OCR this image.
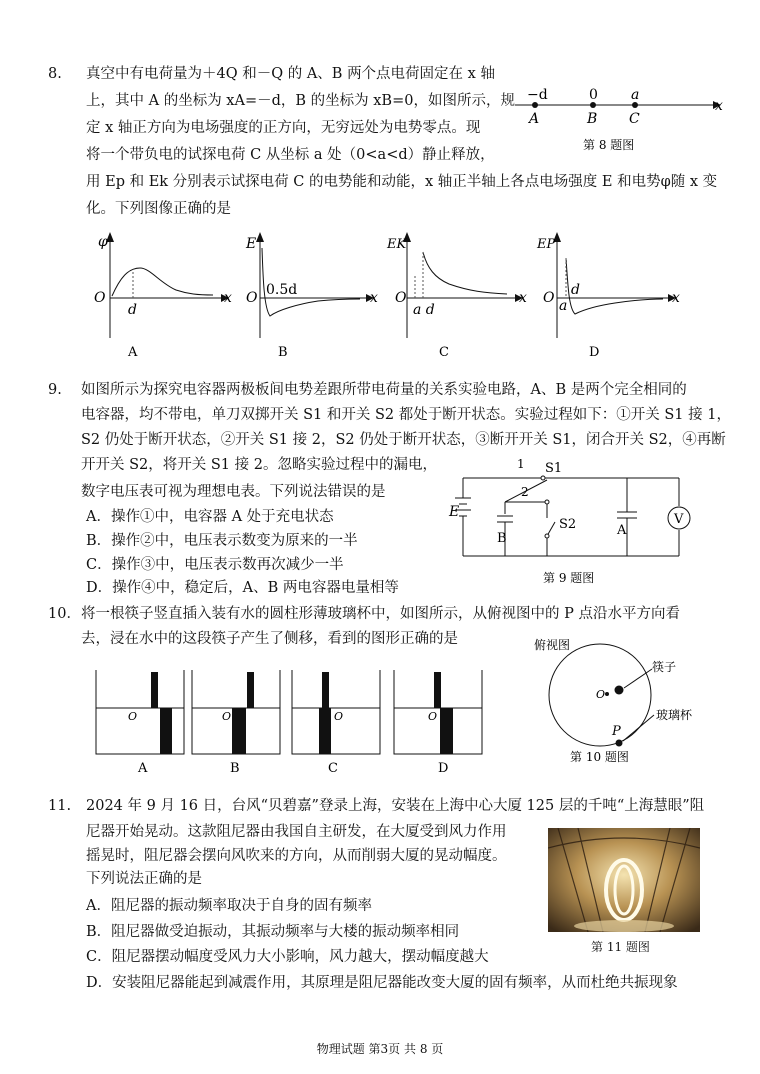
8. 真空中有电荷量为＋4Q 和－Q 的 A、B 两个点电荷固定在 x 轴
上，其中 A 的坐标为 xA=－d，B 的坐标为 xB=0，如图所示，规
定 x 轴正方向为电场强度的正方向，无穷远处为电势零点。现
将一个带负电的试探电荷 C 从坐标 a 处（0<a<d）静止释放，
用 Ep 和 Ek 分别表示试探电荷 C 的电势能和动能，x 轴正半轴上各点电场强度 E 和电势φ随 x 变
化。下列图像正确的是
−d	0 a
A	B C
x
第 8 题图
φ
O	x
d
A
E
O	x
0.5d
B
EK
O	x
a d
C
EP
O	x
d
a
D
9. 如图所示为探究电容器两极板间电势差跟所带电荷量的关系实验电路，A、B 是两个完全相同的
电容器，均不带电，单刀双掷开关 S1 和开关 S2 都处于断开状态。实验过程如下：①开关 S1 接 1，
S2 仍处于断开状态，②开关 S1 接 2，S2 仍处于断开状态，③断开开关 S1，闭合开关 S2，④再断
开开关 S2，将开关 S1 接 2。忽略实验过程中的漏电，
数字电压表可视为理想电表。下列说法错误的是
A．操作①中，电容器 A 处于充电状态
B．操作②中，电压表示数变为原来的一半
C．操作③中，电压表示数再次减少一半
D．操作④中，稳定后，A、B 两电容器电量相等
1
2
S1
S2
E
B
A
V
第 9 题图
10． 将一根筷子竖直插入装有水的圆柱形薄玻璃杯中，如图所示，从俯视图中的 P 点沿水平方向看
去，浸在水中的这段筷子产生了侧移，看到的图形正确的是
O
A
O
B
O
C
O
D
俯视图
O
筷子
P
玻璃杯
第 10 题图
11. 2024 年 9 月 16 日，台风“贝碧嘉”登录上海，安装在上海中心大厦 125 层的千吨“上海慧眼”阻
尼器开始晃动。这款阻尼器由我国自主研发，在大厦受到风力作用
摇晃时，阻尼器会摆向风吹来的方向，从而削弱大厦的晃动幅度。
下列说法正确的是
A．阻尼器的振动频率取决于自身的固有频率
B．阻尼器做受迫振动，其振动频率与大楼的振动频率相同
C．阻尼器摆动幅度受风力大小影响，风力越大，摆动幅度越大
D．安装阻尼器能起到减震作用，其原理是阻尼器能改变大厦的固有频率，从而杜绝共振现象
第 11 题图
物理试题 第3页 共 8 页
